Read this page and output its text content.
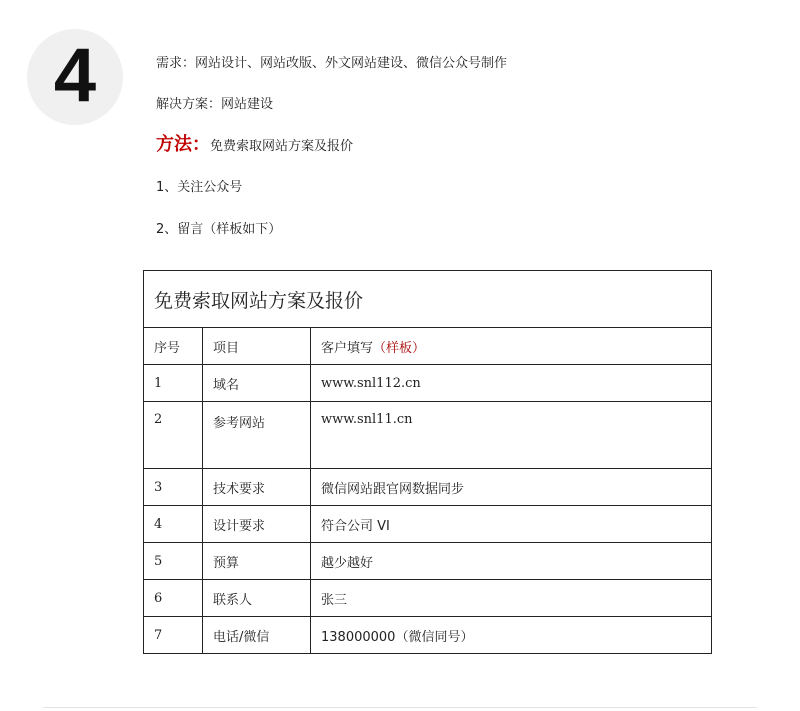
4	需求：网站设计、网站改版、外文网站建设、微信公众号制作
解决方案：网站建设
方法：免费索取网站方案及报价
1、关注公众号
2、留言（样板如下）
免费索取网站方案及报价		
序号	项目	客户填写（样板）
1	域名	www.snl112.cn
2	参考网站	www.snl11.cn
3	技术要求	微信网站跟官网数据同步
4	设计要求	符合公司 VI
5	预算	越少越好
6	联系人	张三
7	电话/微信	138000000（微信同号）
